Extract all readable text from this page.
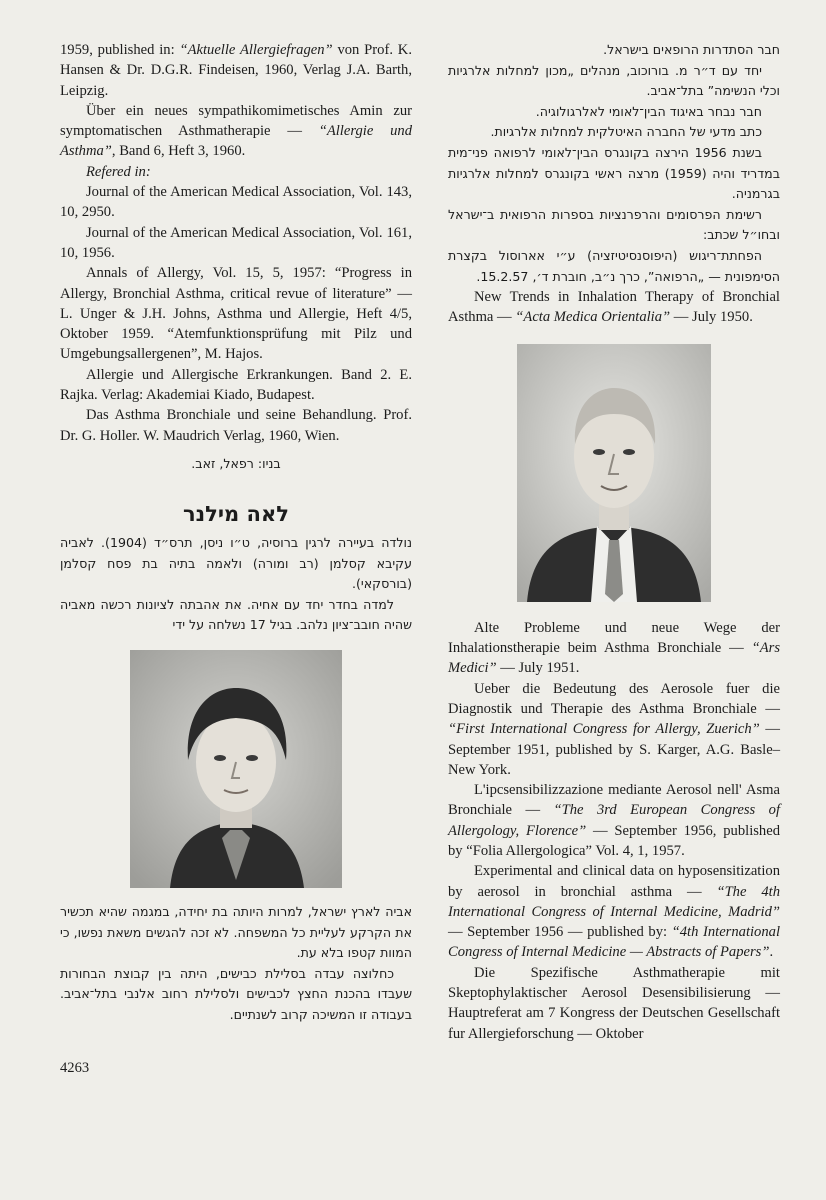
1959, published in: “Aktuelle Allergiefragen” von Prof. K. Hansen & Dr. D.G.R. Findeisen, 1960, Verlag J.A. Barth, Leipzig.

Über ein neues sympathikomimetisches Amin zur symptomatischen Asthmatherapie — “Allergie und Asthma”, Band 6, Heft 3, 1960.

Refered in:

Journal of the American Medical Association, Vol. 143, 10, 2950.

Journal of the American Medical Association, Vol. 161, 10, 1956.

Annals of Allergy, Vol. 15, 5, 1957: “Progress in Allergy, Bronchial Asthma, critical revue of literature” — L. Unger & J.H. Johns, Asthma und Allergie, Heft 4/5, Oktober 1959. “Atemfunktionsprüfung mit Pilz und Umgebungsallergenen”, M. Hajos.

Allergie und Allergische Erkrankungen. Band 2. E. Rajka. Verlag: Akademiai Kiado, Budapest.

Das Asthma Bronchiale und seine Behandlung. Prof. Dr. G. Holler. W. Maudrich Verlag, 1960, Wien.

בניו: רפאל, זאב.
לאה מילנר

נולדה בעיירה לרגין ברוסיה, ט״ו ניסן, תרס״ד (1904). לאביה עקיבא קסלמן (רב ומורה) ולאמה בתיה בת פסח קסלמן (בורסקאי).

למדה בחדר יחד עם אחיה. את אהבתה לציונות רכשה מאביה שהיה חובב־ציון נלהב. בגיל 17 נשלחה על ידי

אביה לארץ ישראל, למרות היותה בת יחידה, במגמה שהיא תכשיר את הקרקע לעליית כל המשפחה. לא זכה להגשים משאת נפשו, כי המוות קטפו בלא עת.

כחלוצה עבדה בסלילת כבישים, היתה בין קבוצת הבחורות שעבדו בהכנת החצץ לכבישים ולסלילת רחוב אלנבי בתל־אביב. בעבודה זו המשיכה קרוב לשנתיים.

חבר הסתדרות הרופאים בישראל.

יחד עם ד״ר מ. בורוכוב, מנהלים „מכון למחלות אלרגיות וכלי הנשימה” בתל־אביב.

חבר נבחר באיגוד הבין־לאומי לאלרגולוגיה.

כתב מדעי של החברה האיטלקית למחלות אלרגיות.

בשנת 1956 הירצה בקונגרס הבין־לאומי לרפואה פני־מית במדריד והיה (1959) מרצה ראשי בקונגרס למחלות אלרגיות בגרמניה.

רשימת הפרסומים והרפרנציות בספרות הרפואית ב־ישראל ובחו״ל שכתב:

הפחתת־ריגוש (היפוסנסיטיזציה) ע״י אארוסול בקצרת הסימפונית — „הרפואה”, כרך נ״ב, חוברת ד׳, 15.2.57.

New Trends in Inhalation Therapy of Bronchial Asthma — “Acta Medica Orientalia” — July 1950.

Alte Probleme und neue Wege der Inhalationstherapie beim Asthma Bronchiale — “Ars Medici” — July 1951.

Ueber die Bedeutung des Aerosole fuer die Diagnostik und Therapie des Asthma Bronchiale — “First International Congress for Allergy, Zuerich” — September 1951, published by S. Karger, A.G. Basle–New York.

L'ipcsensibilizzazione mediante Aerosol nell' Asma Bronchiale — “The 3rd European Congress of Allergology, Florence” — September 1956, published by “Folia Allergologica” Vol. 4, 1, 1957.

Experimental and clinical data on hyposensitization by aerosol in bronchial asthma — “The 4th International Congress of Internal Medicine, Madrid” — September 1956 — published by: “4th International Congress of Internal Medicine — Abstracts of Papers”.

Die Spezifische Asthmatherapie mit Skeptophylaktischer Aerosol Desensibilisierung — Hauptreferat am 7 Kongress der Deutschen Gesellschaft fur Allergieforschung — Oktober

4263
